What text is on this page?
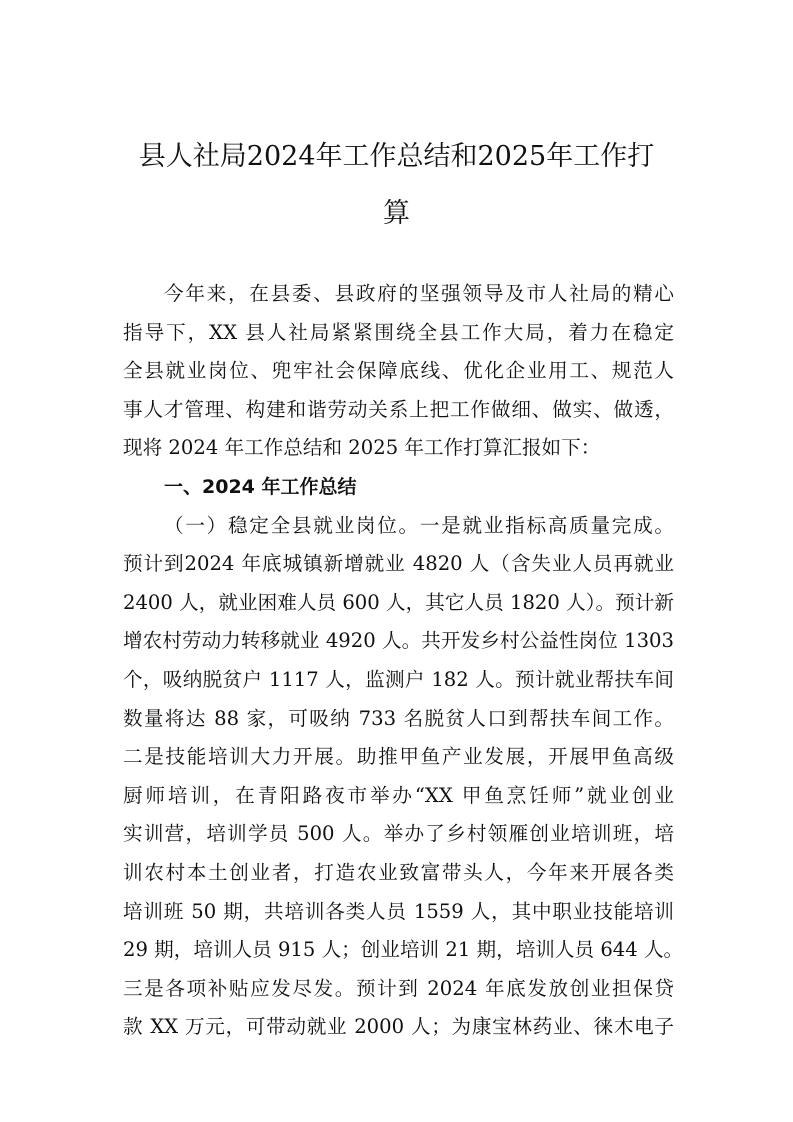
县人社局2024年工作总结和2025年工作打
算
今年来，在县委、县政府的坚强领导及市人社局的精心
指导下，XX 县人社局紧紧围绕全县工作大局，着力在稳定
全县就业岗位、兜牢社会保障底线、优化企业用工、规范人
事人才管理、构建和谐劳动关系上把工作做细、做实、做透，
现将 2024 年工作总结和 2025 年工作打算汇报如下：
一、2024 年工作总结
（一）稳定全县就业岗位。一是就业指标高质量完成。
预计到2024 年底城镇新增就业 4820 人（含失业人员再就业
2400 人，就业困难人员 600 人，其它人员 1820 人）。预计新
增农村劳动力转移就业 4920 人。共开发乡村公益性岗位 1303
个，吸纳脱贫户 1117 人，监测户 182 人。预计就业帮扶车间
数量将达 88 家，可吸纳 733 名脱贫人口到帮扶车间工作。
二是技能培训大力开展。助推甲鱼产业发展，开展甲鱼高级
厨师培训，在青阳路夜市举办“XX 甲鱼烹饪师”就业创业
实训营，培训学员 500 人。举办了乡村领雁创业培训班，培
训农村本土创业者，打造农业致富带头人，今年来开展各类
培训班 50 期，共培训各类人员 1559 人，其中职业技能培训
29 期，培训人员 915 人；创业培训 21 期，培训人员 644 人。
三是各项补贴应发尽发。预计到 2024 年底发放创业担保贷
款 XX 万元，可带动就业 2000 人；为康宝林药业、徕木电子
